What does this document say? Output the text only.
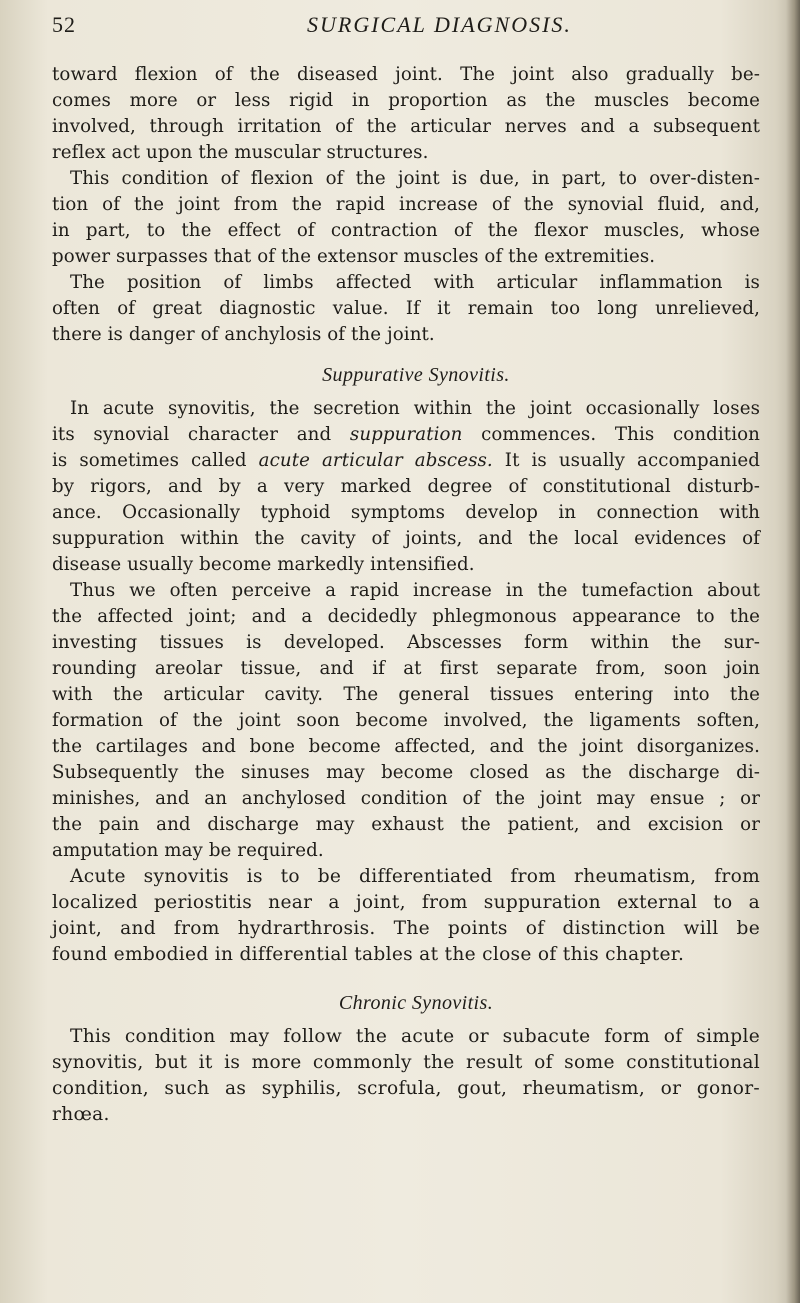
52	SURGICAL DIAGNOSIS.
toward flexion of the diseased joint. The joint also gradually be-
comes more or less rigid in proportion as the muscles become
involved, through irritation of the articular nerves and a subsequent
reflex act upon the muscular structures.
This condition of flexion of the joint is due, in part, to over-disten-
tion of the joint from the rapid increase of the synovial fluid, and,
in part, to the effect of contraction of the flexor muscles, whose
power surpasses that of the extensor muscles of the extremities.
The position of limbs affected with articular inflammation is
often of great diagnostic value. If it remain too long unrelieved,
there is danger of anchylosis of the joint.
Suppurative Synovitis.
In acute synovitis, the secretion within the joint occasionally loses
its synovial character and suppuration commences. This condition
is sometimes called acute articular abscess. It is usually accompanied
by rigors, and by a very marked degree of constitutional disturb-
ance. Occasionally typhoid symptoms develop in connection with
suppuration within the cavity of joints, and the local evidences of
disease usually become markedly intensified.
Thus we often perceive a rapid increase in the tumefaction about
the affected joint; and a decidedly phlegmonous appearance to the
investing tissues is developed. Abscesses form within the sur-
rounding areolar tissue, and if at first separate from, soon join
with the articular cavity. The general tissues entering into the
formation of the joint soon become involved, the ligaments soften,
the cartilages and bone become affected, and the joint disorganizes.
Subsequently the sinuses may become closed as the discharge di-
minishes, and an anchylosed condition of the joint may ensue ; or
the pain and discharge may exhaust the patient, and excision or
amputation may be required.
Acute synovitis is to be differentiated from rheumatism, from
localized periostitis near a joint, from suppuration external to a
joint, and from hydrarthrosis. The points of distinction will be
found embodied in differential tables at the close of this chapter.
Chronic Synovitis.
This condition may follow the acute or subacute form of simple
synovitis, but it is more commonly the result of some constitutional
condition, such as syphilis, scrofula, gout, rheumatism, or gonor-
rhœa.
